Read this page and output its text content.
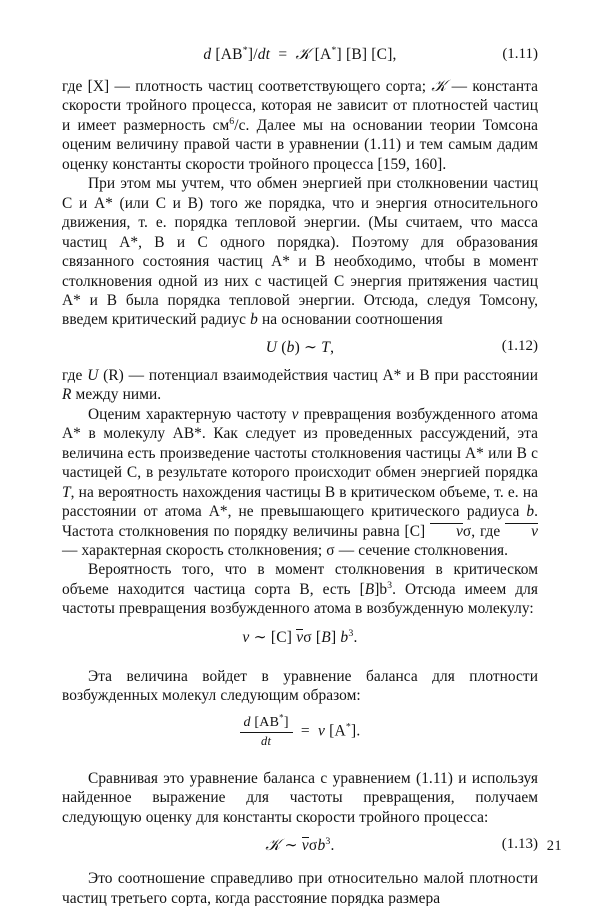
d [AB*]/dt  =  𝒦 [A*] [B] [C],	(1.11)

где [X] — плотность частиц соответствующего сорта; 𝒦 — константа скорости тройного процесса, которая не зависит от плотностей частиц и имеет размерность $см^6/с$. Далее мы на основании теории Томсона оценим величину правой части в уравнении (1.11) и тем самым дадим оценку константы скорости тройного процесса [159, 160].

При этом мы учтем, что обмен энергией при столкновении частиц С и А* (или С и В) того же порядка, что и энергия относительного движения, т. е. порядка тепловой энергии. (Мы считаем, что масса частиц А*, В и С одного порядка). Поэтому для образования связанного состояния частиц А* и В необходимо, чтобы в момент столкновения одной из них с частицей С энергия притяжения частиц А* и В была порядка тепловой энергии. Отсюда, следуя Томсону, введем критический радиус b на основании соотношения

U (b) ∼ T,	(1.12)

где U (R) — потенциал взаимодействия частиц А* и В при расстоянии R между ними.

Оценим характерную частоту ν превращения возбужденного атома А* в молекулу АВ*. Как следует из проведенных рассуждений, эта величина есть произведение частоты столкновения частицы А* или В с частицей С, в результате которого происходит обмен энергией порядка T, на вероятность нахождения частицы В в критическом объеме, т. е. на расстоянии от атома А*, не превышающего критического радиуса b. Частота столкновения по порядку величины равна [С] vσ, где v — характерная скорость столкновения; σ — сечение столкновения.

Вероятность того, что в момент столкновения в критическом объеме находится частица сорта В, есть $[B]b^3$. Отсюда имеем для частоты превращения возбужденного атома в возбужденную молекулу:

ν ∼ [C] vσ [B] $b^3$.

Эта величина войдет в уравнение баланса для плотности возбужденных молекул следующим образом:

$\frac{d [AB^*]}{dt} = \nu$ [A*].

Сравнивая это уравнение баланса с уравнением (1.11) и используя найденное выражение для частоты превращения, получаем следующую оценку для константы скорости тройного процесса:

𝒦 ∼ vσb$^3$.	(1.13)

Это соотношение справедливо при относительно малой плотности частиц третьего сорта, когда расстояние порядка размера

21
